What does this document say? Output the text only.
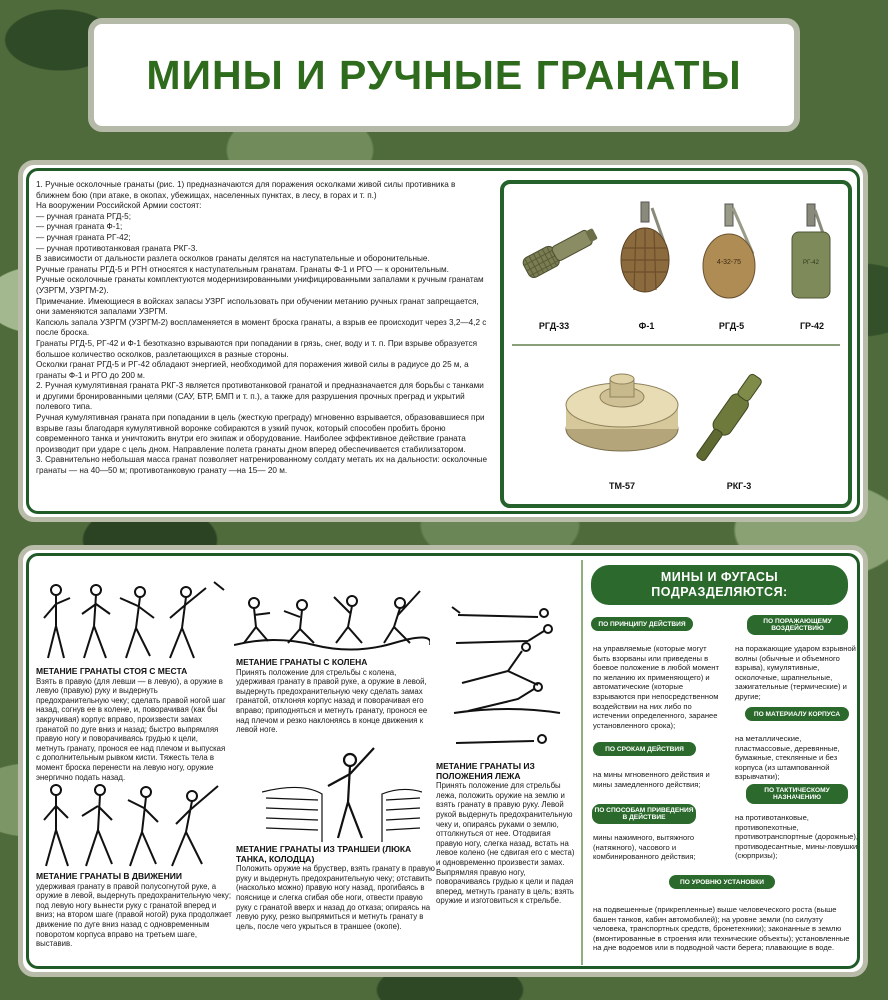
МИНЫ И РУЧНЫЕ ГРАНАТЫ

1. Ручные осколочные гранаты (рис. 1) предназначаются для поражения осколками живой силы противника в ближнем бою (при атаке, в окопах, убежищах, населенных пунктах, в лесу, в горах и т. п.)

На вооружении Российской Армии состоят:

— ручная граната РГД-5;

— ручная граната Ф-1;

— ручная граната РГ-42;

— ручная противотанковая граната РКГ-3.

В зависимости от дальности разлета осколков гранаты делятся на наступательные и оборонительные.

Ручные гранаты РГД-5 и РГН относятся к наступательным гранатам. Гранаты Ф-1 и РГО — к оронительным.

Ручные осколочные гранаты комплектуются модернизированными унифицированными запалами к ручным гранатам (УЗРГМ, УЗРГМ-2).

Примечание. Имеющиеся в войсках запасы УЗРГ использовать при обучении метанию ручных гранат запрещается, они заменяются запалами УЗРГМ.

Капсюль запала УЗРГМ (УЗРГМ-2) воспламеняется в момент броска гранаты, а взрыв ее происходит через 3,2—4,2 с после броска.

Гранаты РГД-5, РГ-42 и Ф-1 безотказно взрываются при попадании в грязь, снег, воду и т. п. При взрыве образуется большое количество осколков, разлетающихся в разные стороны.

Осколки гранат РГД-5 и РГ-42 обладают энергией, необходимой для поражения живой силы в радиусе до 25 м, а гранаты Ф-1 и РГО до 200 м.

2. Ручная кумулятивная граната РКГ-3 является противотанковой гранатой и предназначается для борьбы с танками и другими бронированными целями (САУ, БТР, БМП и т. п.), а также для разрушения прочных преград и укрытий полевого типа.

Ручная кумулятивная граната при попадании в цель (жесткую преграду) мгновенно взрывается, образовавшиеся при взрыве газы благодаря кумулятивной воронке собираются в узкий пучок, который способен пробить броню современного танка и уничтожить внутри его экипаж и оборудование. Наиболее эффективное действие граната производит при ударе с цель дном. Направление полета гранаты дном вперед обеспечивается стабилизатором.

3. Сравнительно небольшая масса гранат позволяет натренированному солдату метать их на дальности: осколочные гранаты — на 40—50 м; противотанковую гранату —на 15— 20 м.

РГД-33	Ф-1
4-32-75
РГД-5
РГ-42
ГР-42
ТМ-57	РКГ-3
МЕТАНИЕ ГРАНАТЫ СТОЯ С МЕСТА
Взять в правую (для левши — в левую), а оружие в левую (правую) руку и выдернуть предохранительную чеку; сделать правой ногой шаг назад, согнув ее в колене, и, поворачивая (как бы закручивая) корпус вправо, произвести замах гранатой по дуге вниз и назад; быстро выпрямляя правую ногу и поворачиваясь грудью к цели, метнуть гранату, пронося ее над плечом и выпуская с дополнительным рывком кисти. Тяжесть тела в момент броска перенести на левую ногу, оружие энергично подать назад.
МЕТАНИЕ ГРАНАТЫ С КОЛЕНА
Принять положение для стрельбы с колена, удерживая гранату в правой руке, а оружие в левой, выдернуть предохранительную чеку сделать замах гранатой, отклоняя корпус назад и поворачивая его вправо; приподняться и метнуть гранату, пронося ее над плечом и резко наклоняясь в конце движения к левой ноге.
МЕТАНИЕ ГРАНАТЫ ИЗ ПОЛОЖЕНИЯ ЛЕЖА
Принять положение для стрельбы лежа, положить оружие на землю и взять гранату в правую руку. Левой рукой выдернуть предохранительную чеку и, опираясь руками о землю, оттолкнуться от нее. Отодвигая правую ногу, слегка назад, встать на левое колено (не сдвигая его с места) и одновременно произвести замах. Выпрямляя правую ногу, поворачиваясь грудью к цели и падая вперед, метнуть гранату в цель; взять оружие и изготовиться к стрельбе.
МЕТАНИЕ ГРАНАТЫ В ДВИЖЕНИИ
удерживая гранату в правой полусогнутой руке, а оружие в левой, выдернуть предохранительную чеку; под левую ногу вынести руку с гранатой вперед и вниз; на втором шаге (правой ногой) рука продолжает движение по дуге вниз назад с одновременным поворотом корпуса вправо на третьем шаге, выставив.
МЕТАНИЕ ГРАНАТЫ ИЗ ТРАНШЕИ (ЛЮКА ТАНКА, КОЛОДЦА)
Положить оружие на бруствер, взять гранату в правую руку и выдернуть предохранительную чеку; отставить (насколько можно) правую ногу назад, прогибаясь в пояснице и слегка сгибая обе ноги, отвести правую руку с гранатой вверх и назад до отказа; опираясь на левую руку, резко выпрямиться и метнуть гранату в цель, после чего укрыться в траншее (окопе).
МИНЫ И ФУГАСЫ ПОДРАЗДЕЛЯЮТСЯ:
ПО ПРИНЦИПУ ДЕЙСТВИЯ
на управляемые (которые могут быть взорваны или приведены в боевое положение в любой момент по желанию их применяющего) и автоматические (которые взрываются при непосредственном воздействии на них либо по истечении определенного, заранее установленного срока);
ПО ПОРАЖАЮЩЕМУ ВОЗДЕЙСТВИЮ
на поражающие ударом взрывной волны (обычные и объемного взрыва), кумулятивные, осколочные, шрапнельные, зажигательные (термические) и другие;
ПО МАТЕРИАЛУ КОРПУСА
на металлические, пластмассовые, деревянные, бумажные, стеклянные и без корпуса (из штампованной взрывчатки);
ПО СРОКАМ ДЕЙСТВИЯ
на мины мгновенного действия и мины замедленного действия;
ПО ТАКТИЧЕСКОМУ НАЗНАЧЕНИЮ
на противотанковые, противопехотные, противотранспортные (дорожные), противодесантные, мины-ловушки (сюрпризы);
ПО СПОСОБАМ ПРИВЕДЕНИЯ В ДЕЙСТВИЕ
мины нажимного, вытяжного (натяжного), часового и комбинированного действия;
ПО УРОВНЮ УСТАНОВКИ
на подвешенные (прикрепленные) выше человеческого роста (выше башен танков, кабин автомобилей); на уровне земли (по силуэту человека, транспортных средств, бронетехники); законанные в землю (вмонтированные в строения или технические объекты); установленные на дне водоемов или в подводной части берега; плавающие в воде.
